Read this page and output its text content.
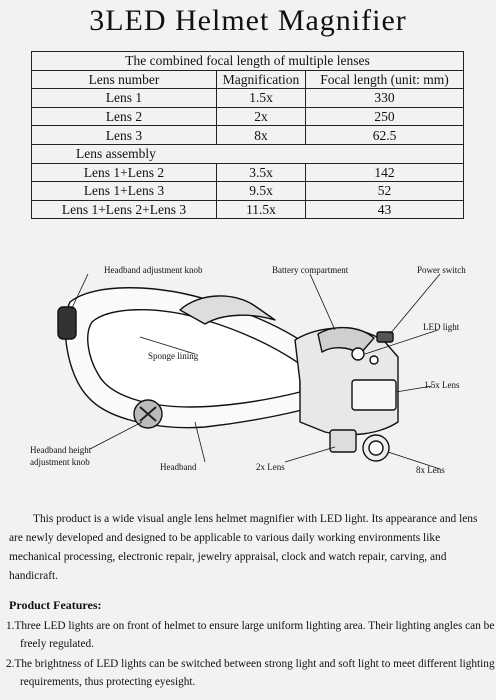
3LED Helmet Magnifier
The combined focal length of multiple lenses		
Lens number	Magnification	Focal length (unit: mm)
Lens 1	1.5x	330
Lens 2	2x	250
Lens 3	8x	62.5
Lens assembly		
Lens 1+Lens 2	3.5x	142
Lens 1+Lens 3	9.5x	52
Lens 1+Lens 2+Lens 3	11.5x	43
Headband adjustment knob	Battery compartment	Power switch
LED light
Sponge lining
1.5x Lens
Headband height
adjustment knob	Headband	2x Lens	8x Lens

This product is a wide visual angle lens helmet magnifier with LED light. Its appearance and lens are newly developed and designed to be applicable to various daily working environments like mechanical processing, electronic repair, jewelry appraisal, clock and watch repair, carving, and handicraft.

Product Features:

1.Three LED lights are on front of helmet to ensure large uniform lighting area. Their lighting angles can be freely regulated.

2.The brightness of LED lights can be switched between strong light and soft light to meet different lighting requirements, thus protecting eyesight.
